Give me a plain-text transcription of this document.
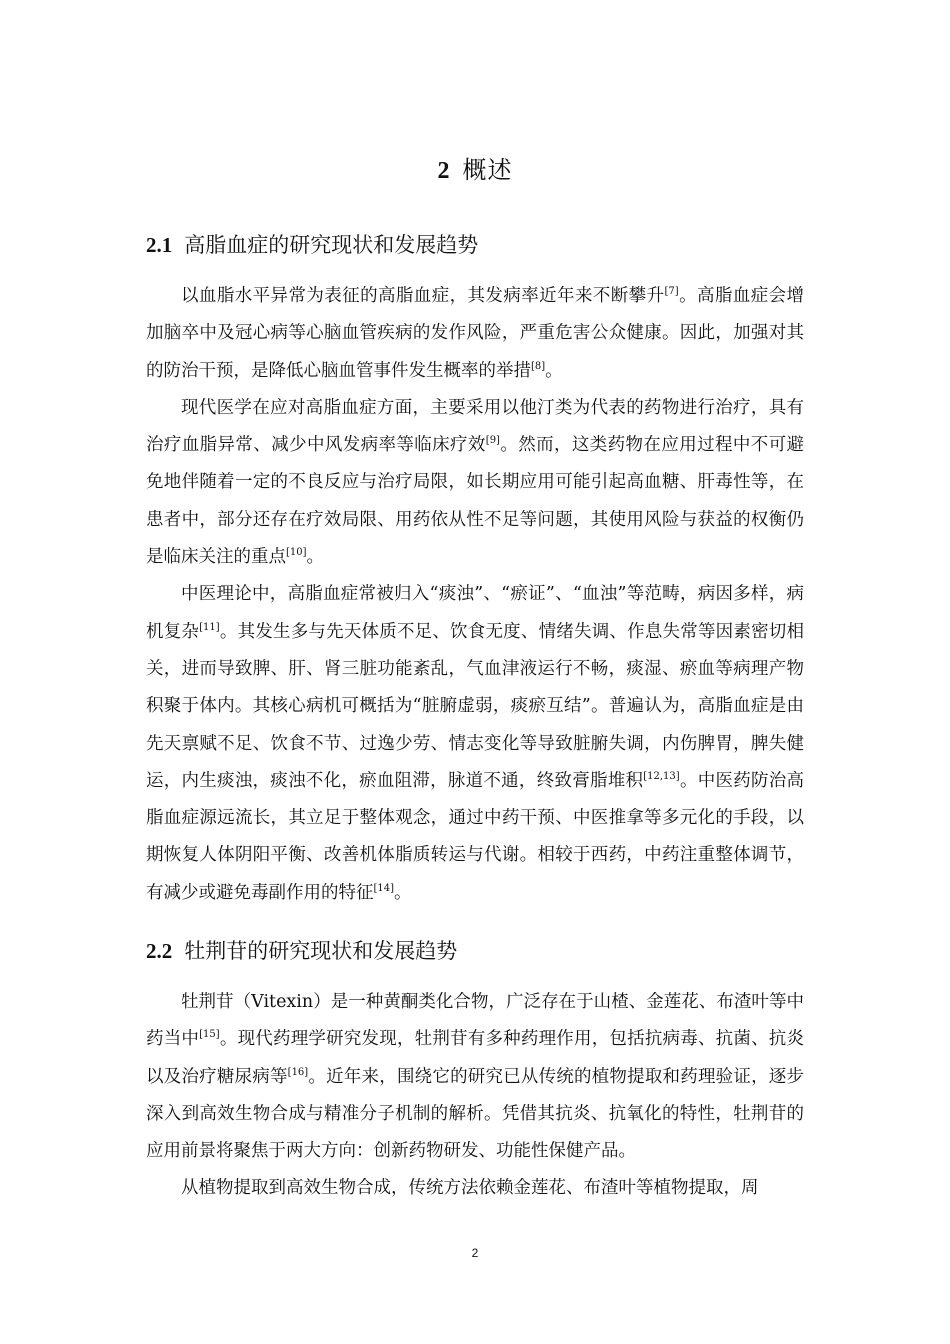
2 概述
2.1 高脂血症的研究现状和发展趋势

以血脂水平异常为表征的高脂血症，其发病率近年来不断攀升[7]。高脂血症会增加脑卒中及冠心病等心脑血管疾病的发作风险，严重危害公众健康。因此，加强对其的防治干预，是降低心脑血管事件发生概率的举措[8]。

现代医学在应对高脂血症方面，主要采用以他汀类为代表的药物进行治疗，具有治疗血脂异常、减少中风发病率等临床疗效[9]。然而，这类药物在应用过程中不可避免地伴随着一定的不良反应与治疗局限，如长期应用可能引起高血糖、肝毒性等，在患者中，部分还存在疗效局限、用药依从性不足等问题，其使用风险与获益的权衡仍是临床关注的重点[10]。

中医理论中，高脂血症常被归入“痰浊”、“瘀证”、“血浊”等范畴，病因多样，病机复杂[11]。其发生多与先天体质不足、饮食无度、情绪失调、作息失常等因素密切相关，进而导致脾、肝、肾三脏功能紊乱，气血津液运行不畅，痰湿、瘀血等病理产物积聚于体内。其核心病机可概括为“脏腑虚弱，痰瘀互结”。普遍认为，高脂血症是由先天禀赋不足、饮食不节、过逸少劳、情志变化等导致脏腑失调，内伤脾胃，脾失健运，内生痰浊，痰浊不化，瘀血阻滞，脉道不通，终致膏脂堆积[12,13]。中医药防治高脂血症源远流长，其立足于整体观念，通过中药干预、中医推拿等多元化的手段，以期恢复人体阴阳平衡、改善机体脂质转运与代谢。相较于西药，中药注重整体调节，有减少或避免毒副作用的特征[14]。

2.2 牡荆苷的研究现状和发展趋势

牡荆苷（Vitexin）是一种黄酮类化合物，广泛存在于山楂、金莲花、布渣叶等中药当中[15]。现代药理学研究发现，牡荆苷有多种药理作用，包括抗病毒、抗菌、抗炎以及治疗糖尿病等[16]。近年来，围绕它的研究已从传统的植物提取和药理验证，逐步深入到高效生物合成与精准分子机制的解析。凭借其抗炎、抗氧化的特性，牡荆苷的应用前景将聚焦于两大方向：创新药物研发、功能性保健产品。

从植物提取到高效生物合成，传统方法依赖金莲花、布渣叶等植物提取，周

2
